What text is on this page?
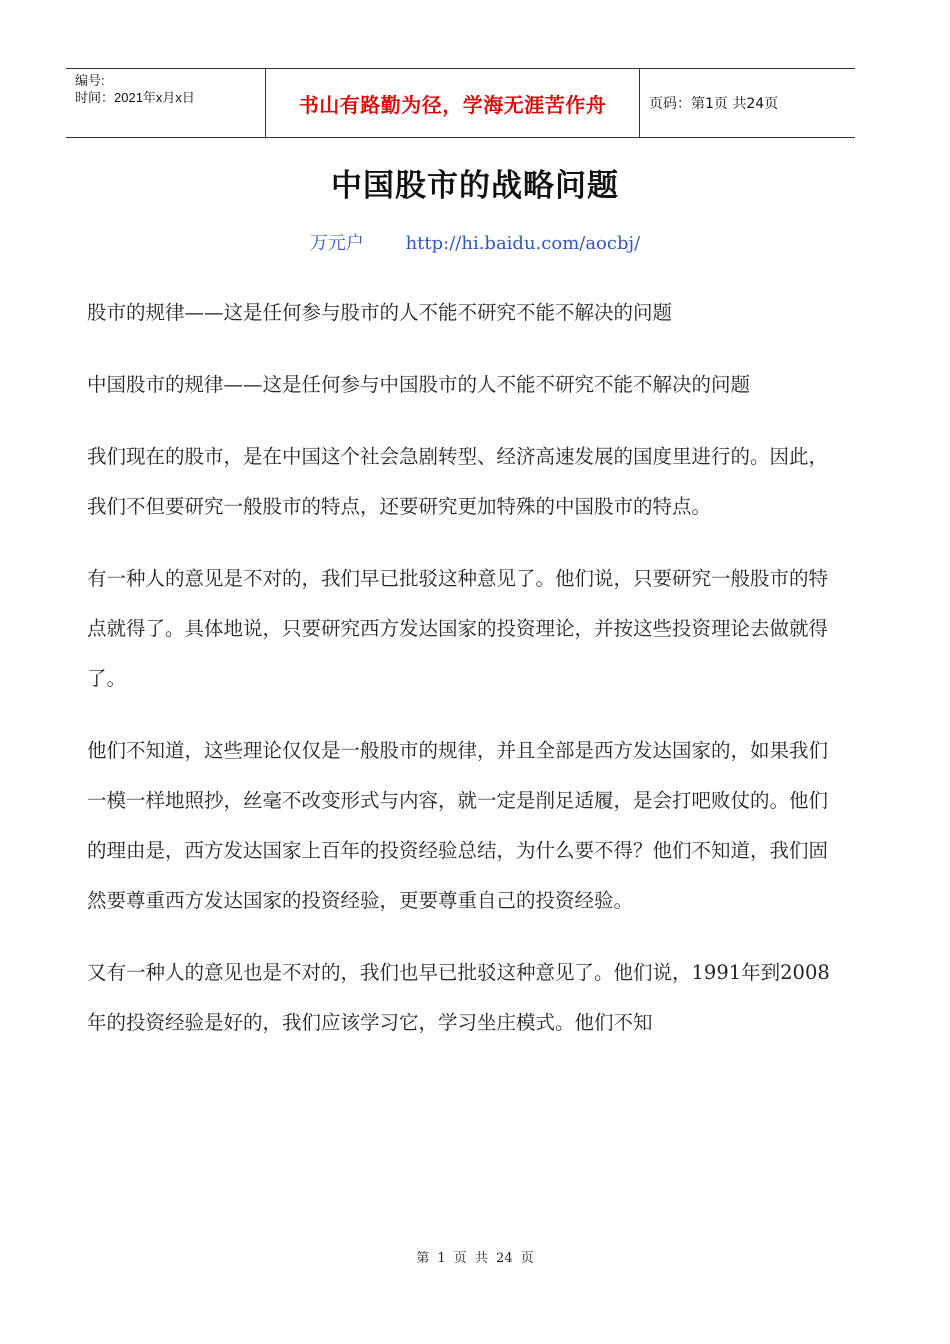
编号:
时间：2021年x月x日	书山有路勤为径，学海无涯苦作舟	页码：第1页 共24页
中国股市的战略问题
万元户 http://hi.baidu.com/aocbj/

股市的规律——这是任何参与股市的人不能不研究不能不解决的问题

中国股市的规律——这是任何参与中国股市的人不能不研究不能不解决的问题

我们现在的股市，是在中国这个社会急剧转型、经济高速发展的国度里进行的。因此，我们不但要研究一般股市的特点，还要研究更加特殊的中国股市的特点。

有一种人的意见是不对的，我们早已批驳这种意见了。他们说，只要研究一般股市的特点就得了。具体地说，只要研究西方发达国家的投资理论，并按这些投资理论去做就得了。

他们不知道，这些理论仅仅是一般股市的规律，并且全部是西方发达国家的，如果我们一模一样地照抄，丝毫不改变形式与内容，就一定是削足适履，是会打吧败仗的。他们的理由是，西方发达国家上百年的投资经验总结，为什么要不得？他们不知道，我们固然要尊重西方发达国家的投资经验，更要尊重自己的投资经验。

又有一种人的意见也是不对的，我们也早已批驳这种意见了。他们说，1991年到2008年的投资经验是好的，我们应该学习它，学习坐庄模式。他们不知

第 1 页 共 24 页
